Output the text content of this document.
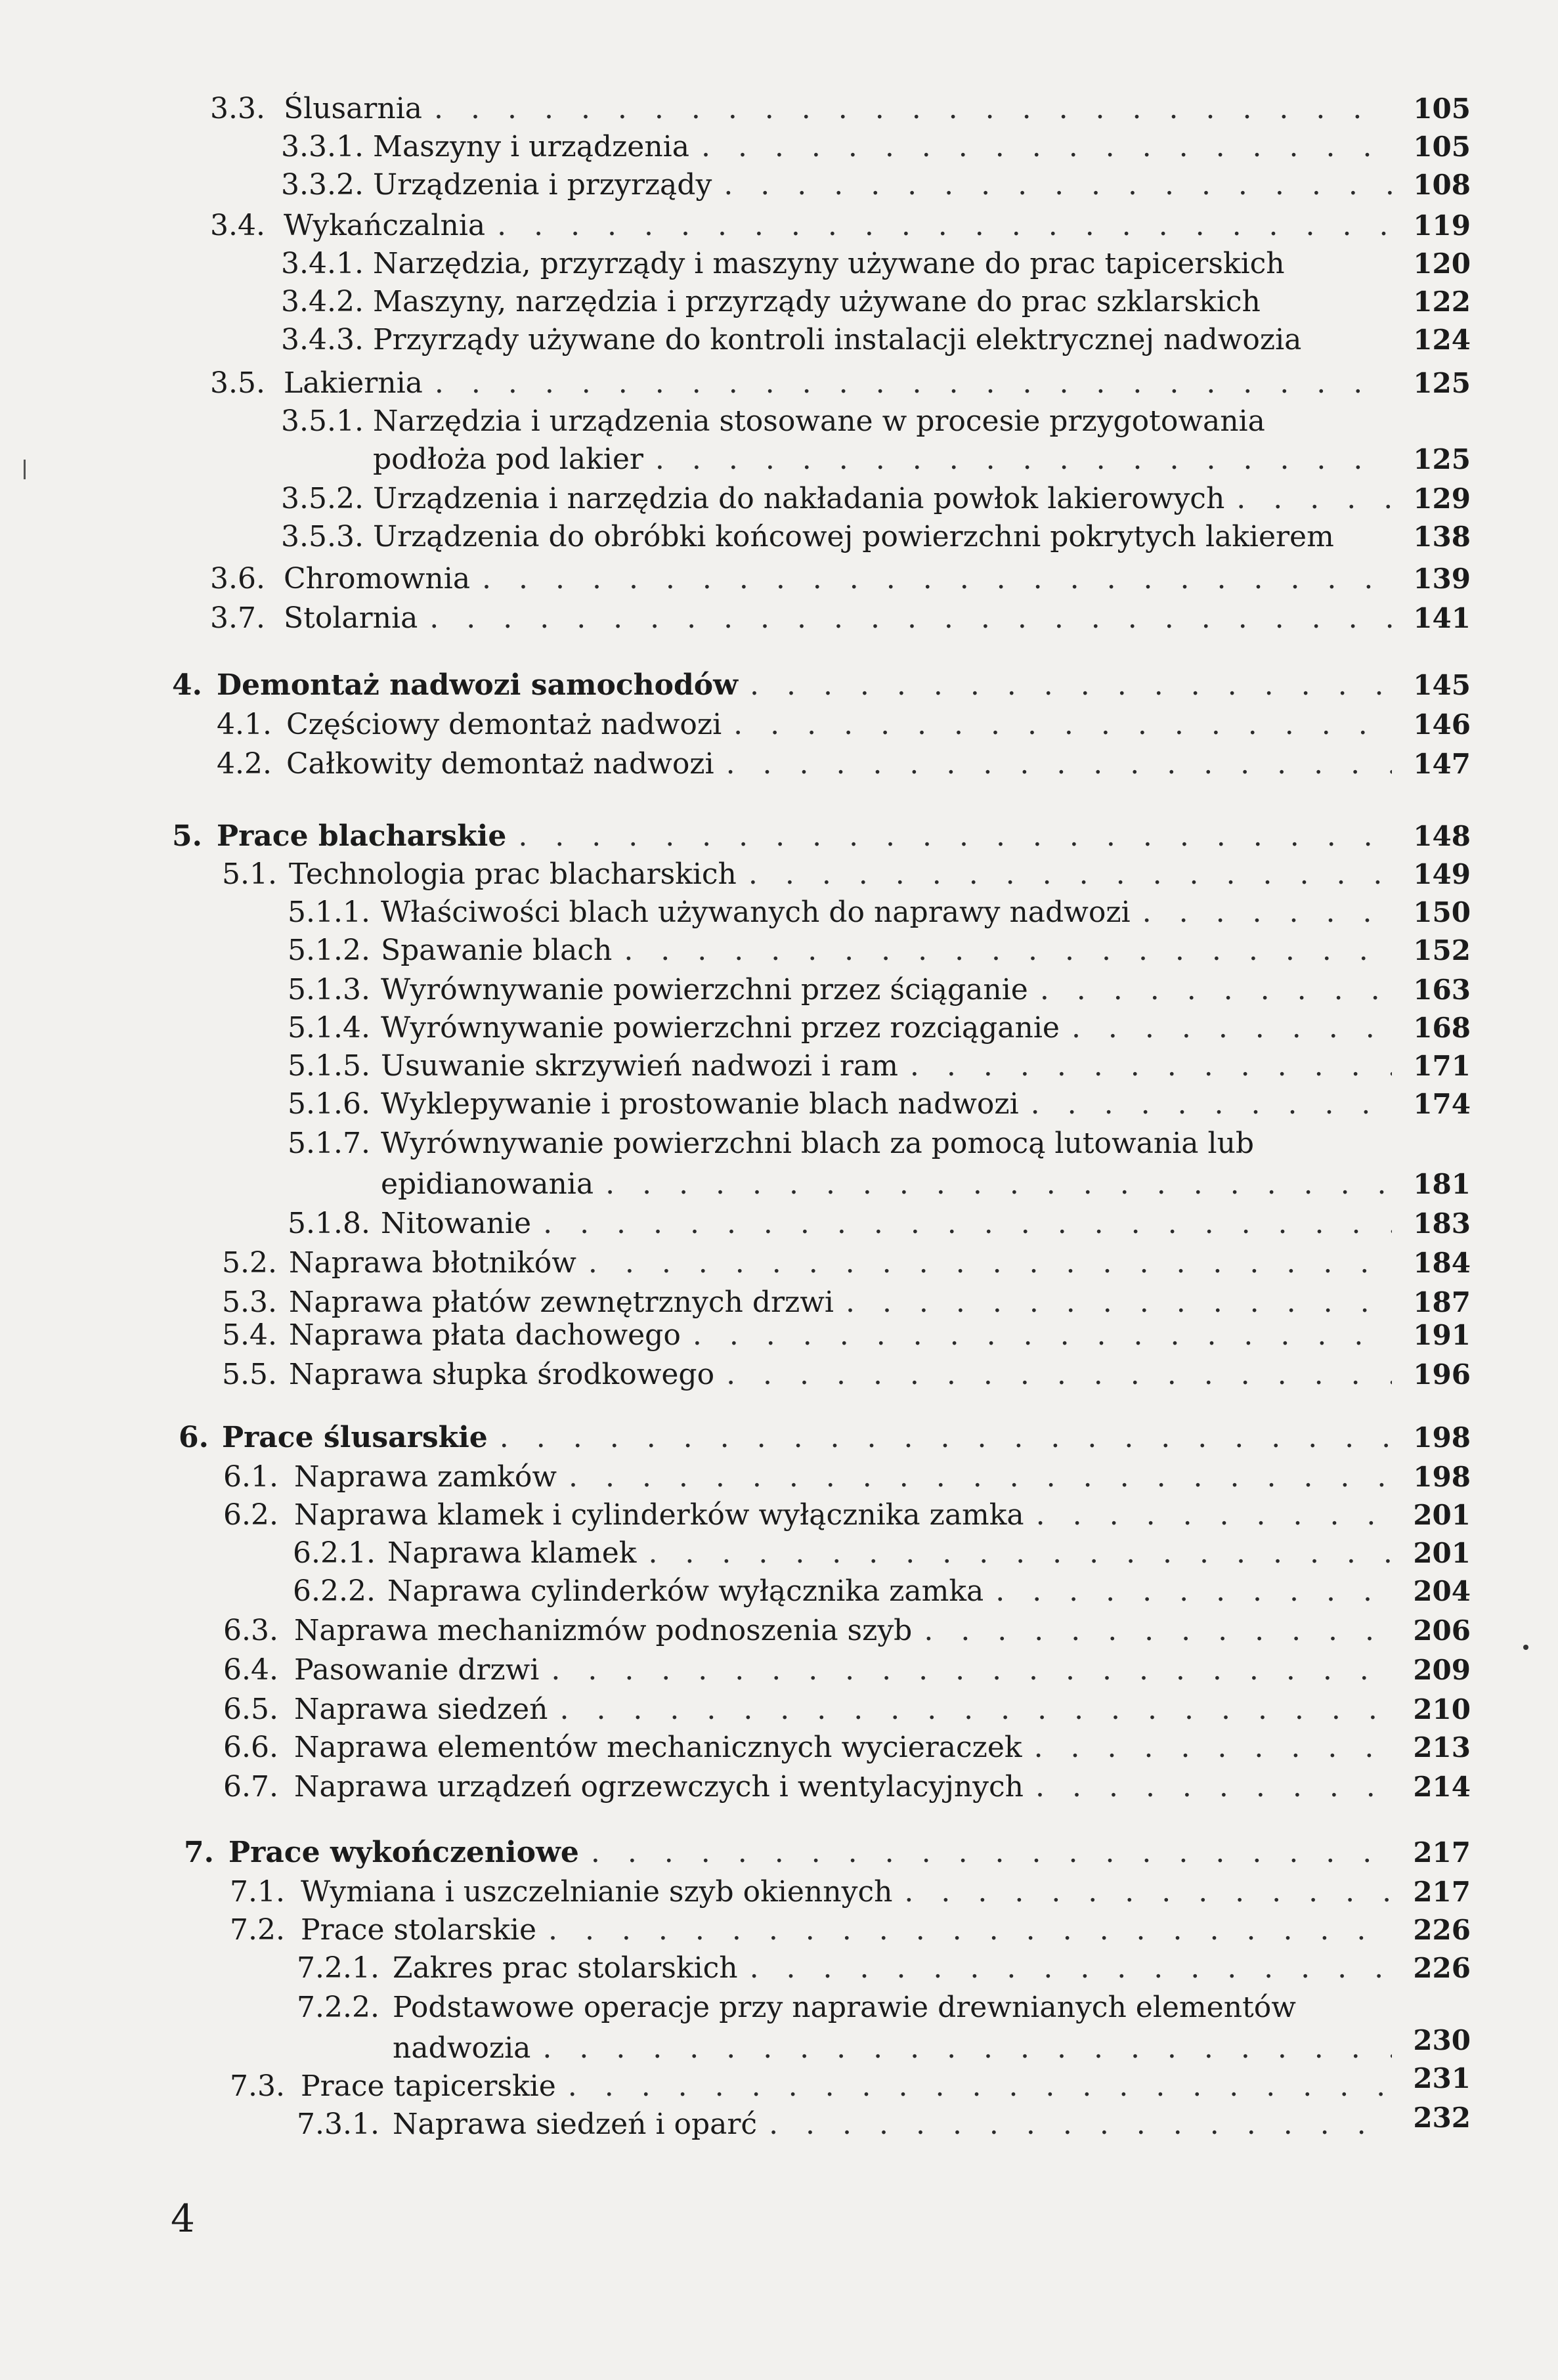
3.3. Ślusarnia . . .	105
3.3.1. Maszyny i urządzenia . . .	105
3.3.2. Urządzenia i przyrządy . . .	108
3.4. Wykańczalnia . . .	119
3.4.1. Narzędzia, przyrządy i maszyny używane do prac tapicerskich	120
3.4.2. Maszyny, narzędzia i przyrządy używane do prac szklarskich	122
3.4.3. Przyrządy używane do kontroli instalacji elektrycznej nadwozia	124
3.5. Lakiernia . . .	125
3.5.1. Narzędzia i urządzenia stosowane w procesie przygotowania
podłoża pod lakier . . .	125
3.5.2. Urządzenia i narzędzia do nakładania powłok lakierowych . . .	129
3.5.3. Urządzenia do obróbki końcowej powierzchni pokrytych lakierem	138
3.6. Chromownia . . .	139
3.7. Stolarnia . . .	141
4. Demontaż nadwozi samochodów . . .	145
4.1. Częściowy demontaż nadwozi . . .	146
4.2. Całkowity demontaż nadwozi . . .	147
5. Prace blacharskie . . .	148
5.1. Technologia prac blacharskich . . .	149
5.1.1. Właściwości blach używanych do naprawy nadwozi . . .	150
5.1.2. Spawanie blach . . .	152
5.1.3. Wyrównywanie powierzchni przez ściąganie . . .	163
5.1.4. Wyrównywanie powierzchni przez rozciąganie . . .	168
5.1.5. Usuwanie skrzywień nadwozi i ram . . .	171
5.1.6. Wyklepywanie i prostowanie blach nadwozi . . .	174
5.1.7. Wyrównywanie powierzchni blach za pomocą lutowania lub
epidianowania . . .	181
5.1.8. Nitowanie . . .	183
5.2. Naprawa błotników . . .	184
5.3. Naprawa płatów zewnętrznych drzwi . . .	187
5.4. Naprawa płata dachowego . . .	191
5.5. Naprawa słupka środkowego . . .	196
6. Prace ślusarskie . . .	198
6.1. Naprawa zamków . . .	198
6.2. Naprawa klamek i cylinderków wyłącznika zamka . . .	201
6.2.1. Naprawa klamek . . .	201
6.2.2. Naprawa cylinderków wyłącznika zamka . . .	204
6.3. Naprawa mechanizmów podnoszenia szyb . . .	206
6.4. Pasowanie drzwi . . .	209
6.5. Naprawa siedzeń . . .	210
6.6. Naprawa elementów mechanicznych wycieraczek . . .	213
6.7. Naprawa urządzeń ogrzewczych i wentylacyjnych . . .	214
7. Prace wykończeniowe . . .	217
7.1. Wymiana i uszczelnianie szyb okiennych . . .	217
7.2. Prace stolarskie . . .	226
7.2.1. Zakres prac stolarskich . . .	226
7.2.2. Podstawowe operacje przy naprawie drewnianych elementów
nadwozia . . .	230
7.3. Prace tapicerskie . . .	231
7.3.1. Naprawa siedzeń i oparć . . .	232
4
